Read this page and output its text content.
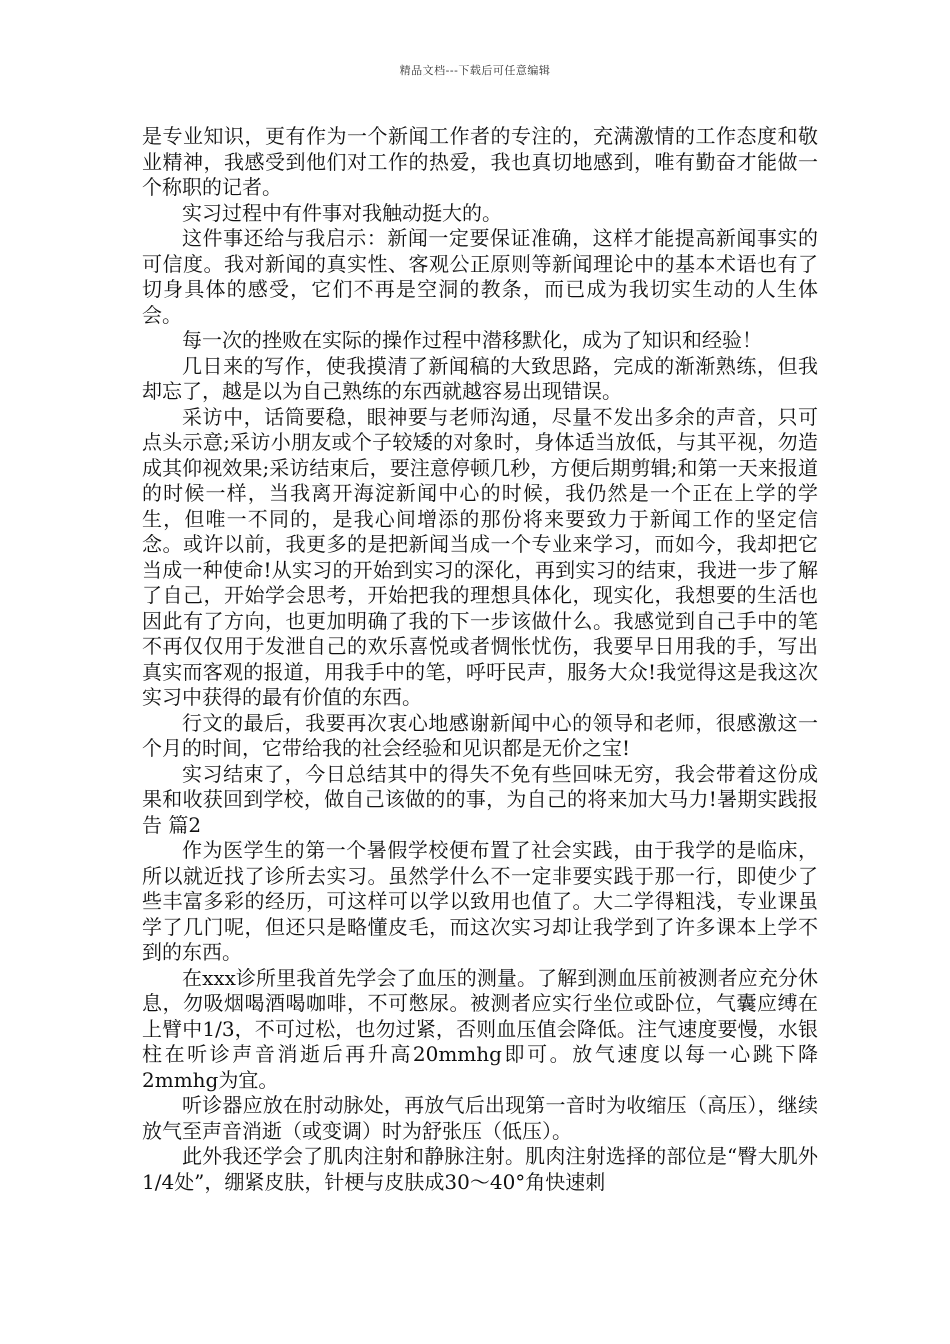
精品文档---下载后可任意编辑

是专业知识，更有作为一个新闻工作者的专注的，充满激情的工作态度和敬业精神，我感受到他们对工作的热爱，我也真切地感到，唯有勤奋才能做一个称职的记者。

实习过程中有件事对我触动挺大的。

这件事还给与我启示：新闻一定要保证准确，这样才能提高新闻事实的可信度。我对新闻的真实性、客观公正原则等新闻理论中的基本术语也有了切身具体的感受，它们不再是空洞的教条，而已成为我切实生动的人生体会。

每一次的挫败在实际的操作过程中潜移默化，成为了知识和经验！

几日来的写作，使我摸清了新闻稿的大致思路，完成的渐渐熟练，但我却忘了，越是以为自己熟练的东西就越容易出现错误。

采访中，话筒要稳，眼神要与老师沟通，尽量不发出多余的声音，只可点头示意;采访小朋友或个子较矮的对象时，身体适当放低，与其平视，勿造成其仰视效果;采访结束后，要注意停顿几秒，方便后期剪辑;和第一天来报道的时候一样，当我离开海淀新闻中心的时候，我仍然是一个正在上学的学生，但唯一不同的，是我心间增添的那份将来要致力于新闻工作的坚定信念。或许以前，我更多的是把新闻当成一个专业来学习，而如今，我却把它当成一种使命!从实习的开始到实习的深化，再到实习的结束，我进一步了解了自己，开始学会思考，开始把我的理想具体化，现实化，我想要的生活也因此有了方向，也更加明确了我的下一步该做什么。我感觉到自己手中的笔不再仅仅用于发泄自己的欢乐喜悦或者惆怅忧伤，我要早日用我的手，写出真实而客观的报道，用我手中的笔，呼吁民声，服务大众!我觉得这是我这次实习中获得的最有价值的东西。

行文的最后，我要再次衷心地感谢新闻中心的领导和老师，很感激这一个月的时间，它带给我的社会经验和见识都是无价之宝!

实习结束了，今日总结其中的得失不免有些回味无穷，我会带着这份成果和收获回到学校，做自己该做的的事，为自己的将来加大马力!暑期实践报告 篇2

作为医学生的第一个暑假学校便布置了社会实践，由于我学的是临床，所以就近找了诊所去实习。虽然学什么不一定非要实践于那一行，即使少了些丰富多彩的经历，可这样可以学以致用也值了。大二学得粗浅，专业课虽学了几门呢，但还只是略懂皮毛，而这次实习却让我学到了许多课本上学不到的东西。

在xxx诊所里我首先学会了血压的测量。了解到测血压前被测者应充分休息，勿吸烟喝酒喝咖啡，不可憋尿。被测者应实行坐位或卧位，气囊应缚在上臂中1/3，不可过松，也勿过紧，否则血压值会降低。注气速度要慢，水银柱在听诊声音消逝后再升高20mmhg即可。放气速度以每一心跳下降2mmhg为宜。

听诊器应放在肘动脉处，再放气后出现第一音时为收缩压（高压），继续放气至声音消逝（或变调）时为舒张压（低压）。

此外我还学会了肌肉注射和静脉注射。肌肉注射选择的部位是“臀大肌外1/4处”，绷紧皮肤，针梗与皮肤成30～40°角快速刺
